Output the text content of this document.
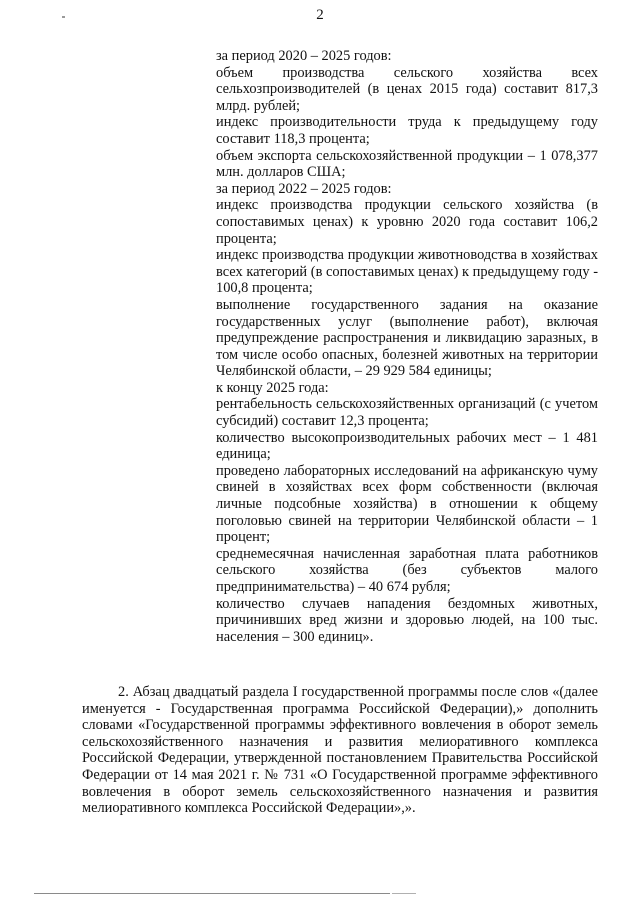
2

за период 2020 – 2025 годов:

объем производства сельского хозяйства всех сельхозпроизводителей (в ценах 2015 года) составит 817,3 млрд. рублей;

индекс производительности труда к предыдущему году составит 118,3 процента;

объем экспорта сельскохозяйственной продукции – 1 078,377 млн. долларов США;

за период 2022 – 2025 годов:

индекс производства продукции сельского хозяйства (в сопоставимых ценах) к уровню 2020 года составит 106,2 процента;

индекс производства продукции животноводства в хозяйствах всех категорий (в сопоставимых ценах) к предыдущему году - 100,8 процента;

выполнение государственного задания на оказание государственных услуг (выполнение работ), включая предупреждение распространения и ликвидацию заразных, в том числе особо опасных, болезней животных на территории Челябинской области, – 29 929 584 единицы;

к концу 2025 года:

рентабельность сельскохозяйственных организаций (с учетом субсидий) составит 12,3 процента;

количество высокопроизводительных рабочих мест – 1 481 единица;

проведено лабораторных исследований на африканскую чуму свиней в хозяйствах всех форм собственности (включая личные подсобные хозяйства) в отношении к общему поголовью свиней на территории Челябинской области – 1 процент;

среднемесячная начисленная заработная плата работников сельского хозяйства (без субъектов малого предпринимательства) – 40 674 рубля;

количество случаев нападения бездомных животных, причинивших вред жизни и здоровью людей, на 100 тыс. населения – 300 единиц».

2. Абзац двадцатый раздела I государственной программы после слов «(далее именуется - Государственная программа Российской Федерации),» дополнить словами «Государственной программы эффективного вовлечения в оборот земель сельскохозяйственного назначения и развития мелиоративного комплекса Российской Федерации, утвержденной постановлением Правительства Российской Федерации от 14 мая 2021 г. № 731 «О Государственной программе эффективного вовлечения в оборот земель сельскохозяйственного назначения и развития мелиоративного комплекса Российской Федерации»,».
